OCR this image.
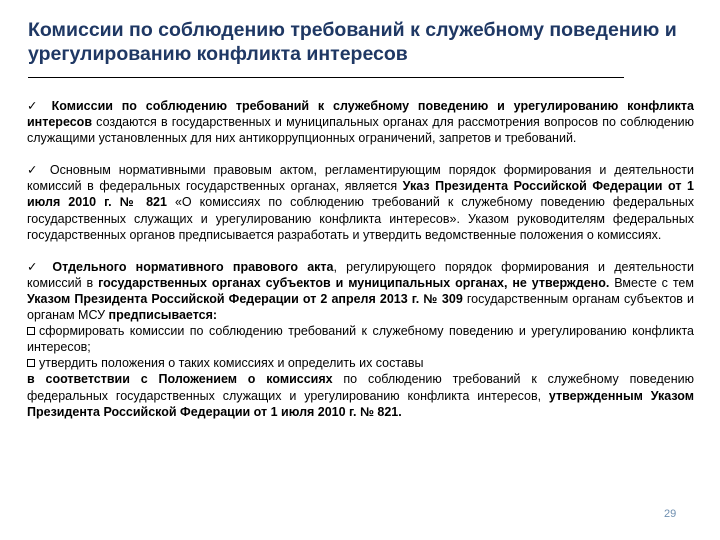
Комиссии по соблюдению требований к служебному поведению и урегулированию конфликта интересов

✓ Комиссии по соблюдению требований к служебному поведению и урегулированию конфликта интересов создаются в государственных и муниципальных органах для рассмотрения вопросов по соблюдению служащими установленных для них антикоррупционных ограничений, запретов и требований.

✓ Основным нормативными правовым актом, регламентирующим порядок формирования и деятельности комиссий в федеральных государственных органах, является Указ Президента Российской Федерации от 1 июля 2010 г. № 821 «О комиссиях по соблюдению требований к служебному поведению федеральных государственных служащих и урегулированию конфликта интересов». Указом руководителям федеральных государственных органов предписывается разработать и утвердить ведомственные положения о комиссиях.

✓ Отдельного нормативного правового акта, регулирующего порядок формирования и деятельности комиссий в государственных органах субъектов и муниципальных органах, не утверждено. Вместе с тем Указом Президента Российской Федерации от 2 апреля 2013 г. № 309 государственным органам субъектов и органам МСУ предписывается:

сформировать комиссии по соблюдению требований к служебному поведению и урегулированию конфликта интересов;

утвердить положения о таких комиссиях и определить их составы

в соответствии с Положением о комиссиях по соблюдению требований к служебному поведению федеральных государственных служащих и урегулированию конфликта интересов, утвержденным Указом Президента Российской Федерации от 1 июля 2010 г. № 821.

29
